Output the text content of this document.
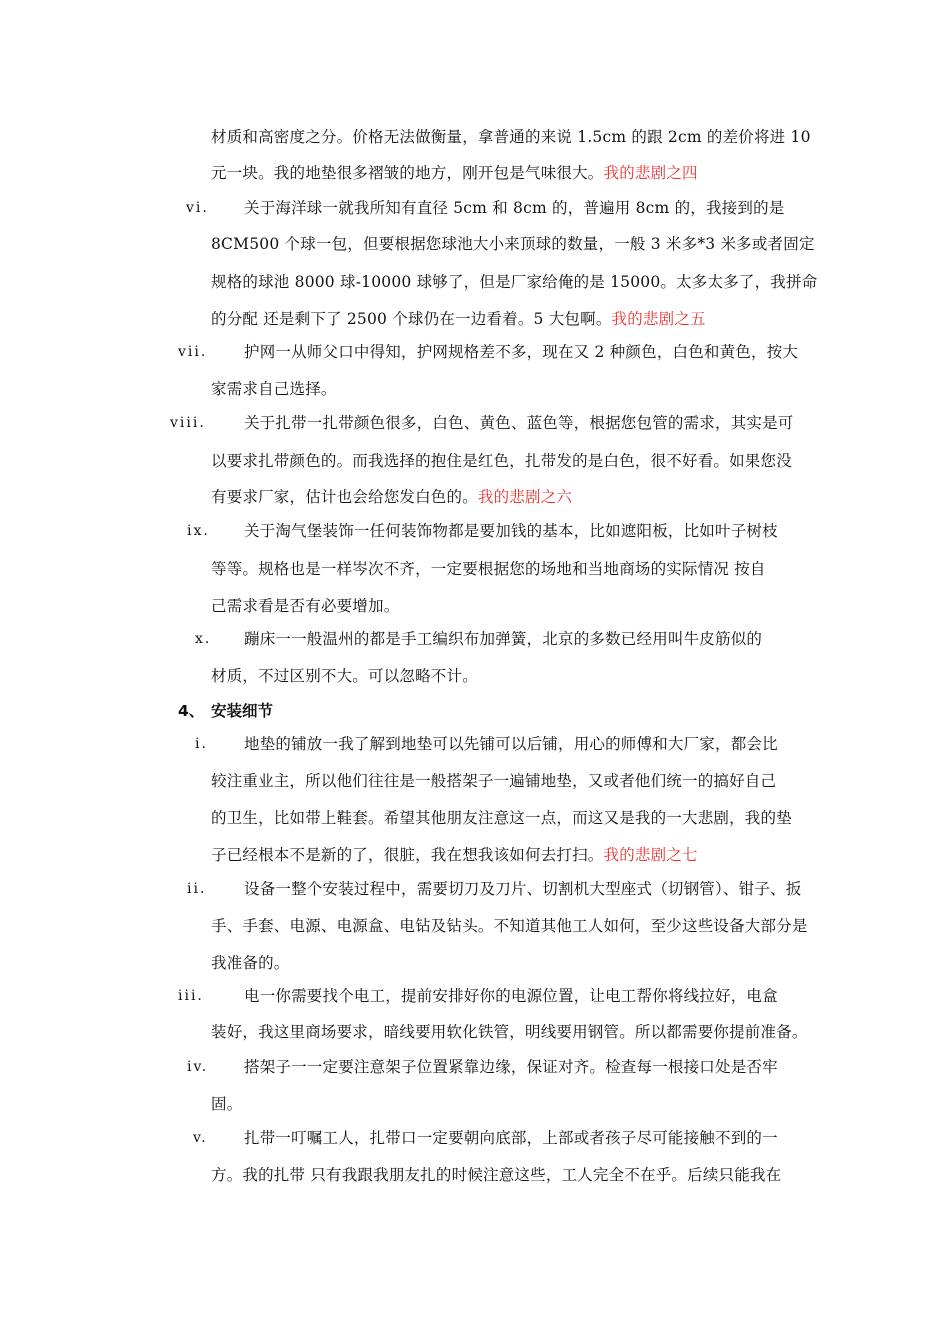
材质和高密度之分。价格无法做衡量，拿普通的来说 1.5cm 的跟 2cm 的差价将进 10
元一块。我的地垫很多褶皱的地方，刚开包是气味很大。我的悲剧之四
vi. 关于海洋球一就我所知有直径 5cm 和 8cm 的，普遍用 8cm 的，我接到的是
8CM500 个球一包，但要根据您球池大小来顶球的数量，一般 3 米多*3 米多或者固定
规格的球池 8000 球-10000 球够了，但是厂家给俺的是 15000。太多太多了，我拼命
的分配 还是剩下了 2500 个球仍在一边看着。5 大包啊。我的悲剧之五
vii. 护网一从师父口中得知，护网规格差不多，现在又 2 种颜色，白色和黄色，按大
家需求自己选择。
viii. 关于扎带一扎带颜色很多，白色、黄色、蓝色等，根据您包管的需求，其实是可
以要求扎带颜色的。而我选择的抱住是红色，扎带发的是白色，很不好看。如果您没
有要求厂家，估计也会给您发白色的。我的悲剧之六
ix. 关于淘气堡装饰一任何装饰物都是要加钱的基本，比如遮阳板，比如叶子树枝
等等。规格也是一样岑次不齐，一定要根据您的场地和当地商场的实际情况 按自
己需求看是否有必要增加。
x. 蹦床一一般温州的都是手工编织布加弹簧，北京的多数已经用叫牛皮筋似的
材质，不过区别不大。可以忽略不计。
4、 安装细节
i. 地垫的铺放一我了解到地垫可以先铺可以后铺，用心的师傅和大厂家，都会比
较注重业主，所以他们往往是一般搭架子一遍铺地垫，又或者他们统一的搞好自己
的卫生，比如带上鞋套。希望其他朋友注意这一点，而这又是我的一大悲剧，我的垫
子已经根本不是新的了，很脏，我在想我该如何去打扫。我的悲剧之七
ii. 设备一整个安装过程中，需要切刀及刀片、切割机大型座式（切钢管）、钳子、扳
手、手套、电源、电源盒、电钻及钻头。不知道其他工人如何，至少这些设备大部分是
我准备的。
iii.	电一你需要找个电工，提前安排好你的电源位置，让电工帮你将线拉好，电盒
装好，我这里商场要求，暗线要用软化铁管，明线要用钢管。所以都需要你提前准备。
iv. 搭架子一一定要注意架子位置紧靠边缘，保证对齐。检查每一根接口处是否牢
固。
v. 扎带一叮嘱工人，扎带口一定要朝向底部，上部或者孩子尽可能接触不到的一
方。我的扎带 只有我跟我朋友扎的时候注意这些，工人完全不在乎。后续只能我在
